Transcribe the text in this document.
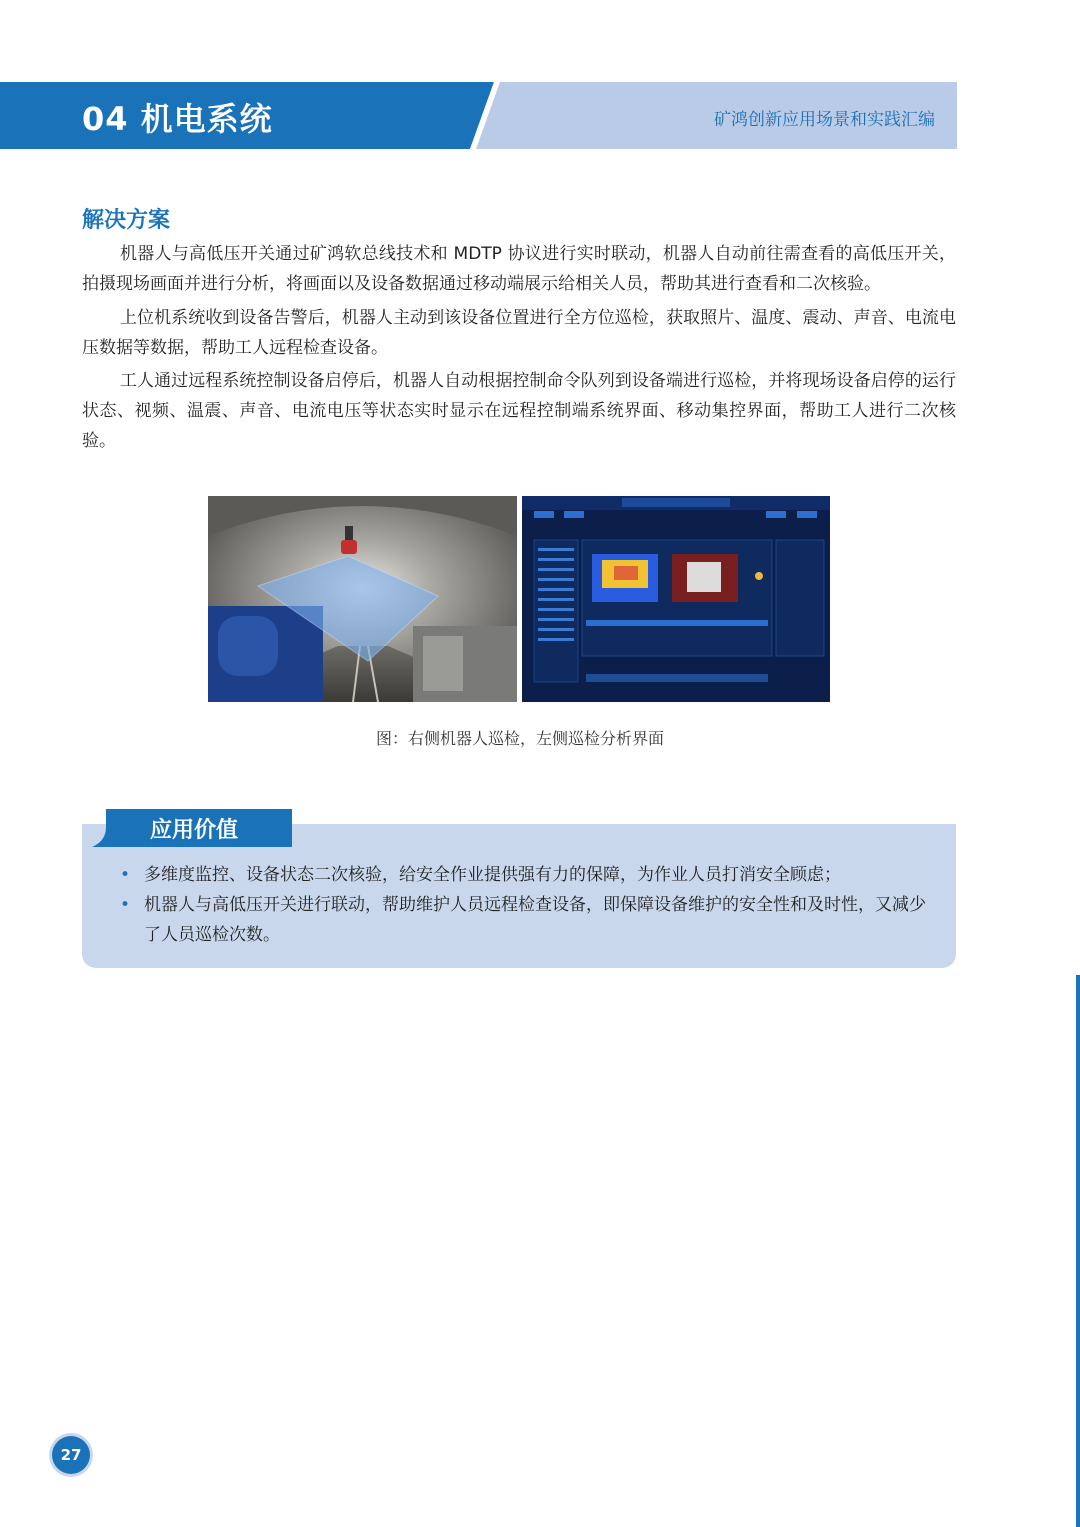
04 机电系统	矿鸿创新应用场景和实践汇编
解决方案
机器人与高低压开关通过矿鸿软总线技术和 MDTP 协议进行实时联动，机器人自动前往需查看的高低压开关，拍摄现场画面并进行分析，将画面以及设备数据通过移动端展示给相关人员，帮助其进行查看和二次核验。
上位机系统收到设备告警后，机器人主动到该设备位置进行全方位巡检，获取照片、温度、震动、声音、电流电压数据等数据，帮助工人远程检查设备。
工人通过远程系统控制设备启停后，机器人自动根据控制命令队列到设备端进行巡检，并将现场设备启停的运行状态、视频、温震、声音、电流电压等状态实时显示在远程控制端系统界面、移动集控界面，帮助工人进行二次核验。
图：右侧机器人巡检，左侧巡检分析界面
应用价值
• 多维度监控、设备状态二次核验，给安全作业提供强有力的保障，为作业人员打消安全顾虑；
• 机器人与高低压开关进行联动，帮助维护人员远程检查设备，即保障设备维护的安全性和及时性，又减少了人员巡检次数。
27
